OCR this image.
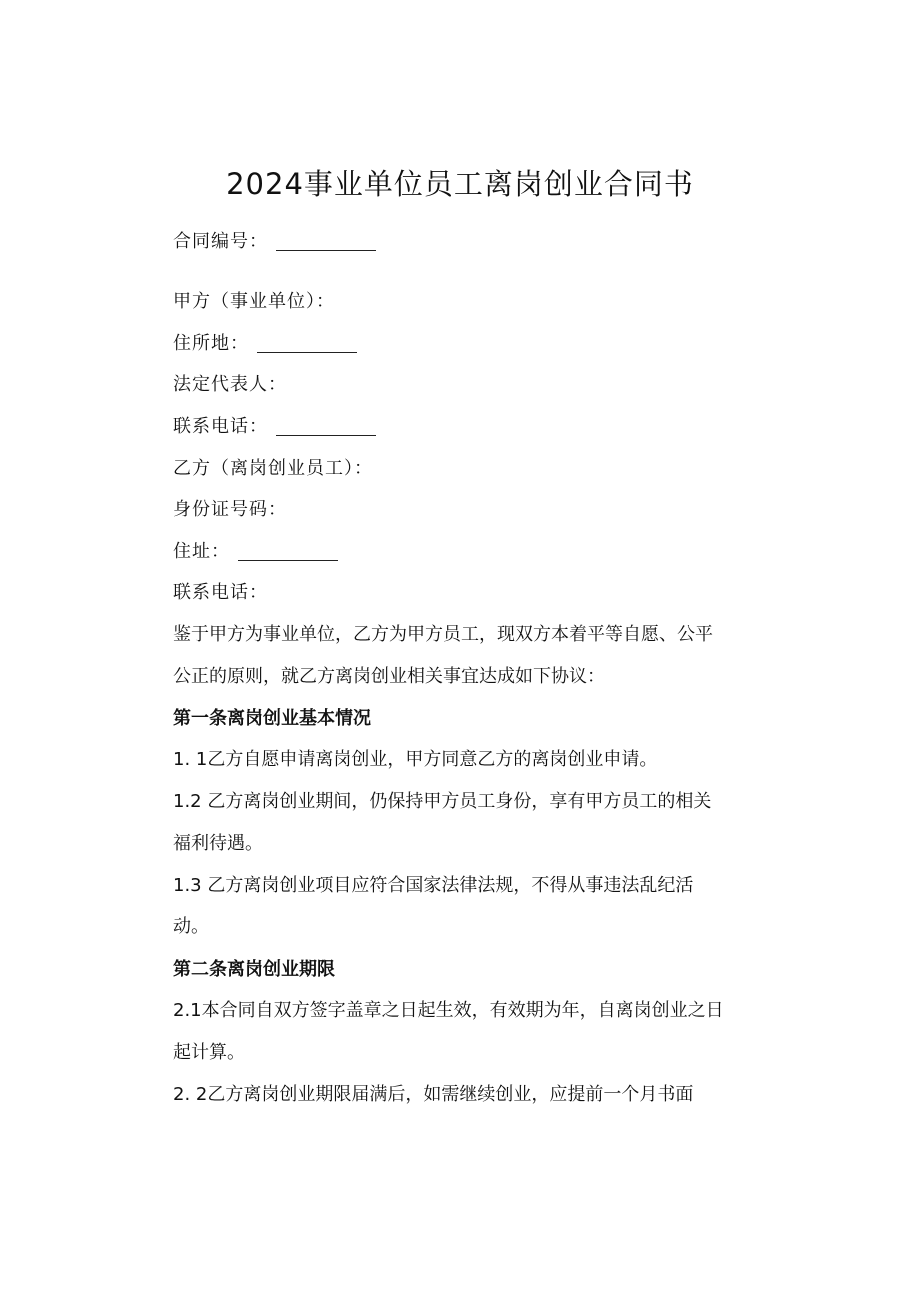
2024事业单位员工离岗创业合同书
合同编号：
甲方（事业单位）：
住所地：
法定代表人：
联系电话：
乙方（离岗创业员工）：
身份证号码：
住址：
联系电话：
鉴于甲方为事业单位，乙方为甲方员工，现双方本着平等自愿、公平
公正的原则，就乙方离岗创业相关事宜达成如下协议：
第一条离岗创业基本情况
1. 1乙方自愿申请离岗创业，甲方同意乙方的离岗创业申请。
1.2 乙方离岗创业期间，仍保持甲方员工身份，享有甲方员工的相关
福利待遇。
1.3 乙方离岗创业项目应符合国家法律法规，不得从事违法乱纪活
动。
第二条离岗创业期限
2.1本合同自双方签字盖章之日起生效，有效期为年，自离岗创业之日
起计算。
2. 2乙方离岗创业期限届满后，如需继续创业，应提前一个月书面
